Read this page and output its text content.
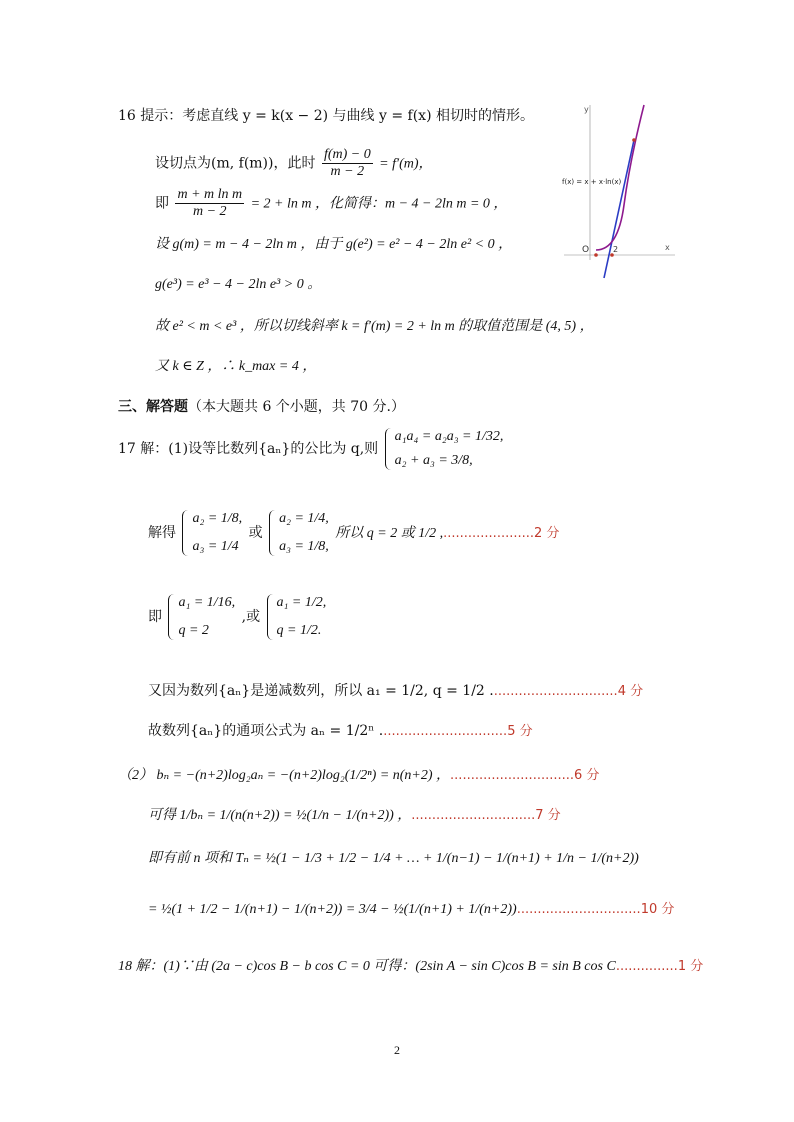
16 提示：考虑直线 y = k(x − 2) 与曲线 y = f(x) 相切时的情形。
设切点为(m, f(m))，此时 $\frac{f(m) - 0}{m - 2} = f'(m)$，
即 $\frac{\text{m + m ln m}}{m - 2} = 2 + \ln m$ ，化简得：m − 4 − 2ln m = 0 ，
设 g(m) = m − 4 − 2ln m ，由于 g(e²) = e² − 4 − 2ln e² < 0 ，
g(e³) = e³ − 4 − 2ln e³ > 0 。
故 e² < m < e³ ，所以切线斜率 k = f′(m) = 2 + ln m 的取值范围是 (4, 5) ，
又 k ∈ Z ，∴ k_max = 4 ，
y
x
O	2
f(x) = x + x·ln(x)
三、解答题（本大题共 6 个小题，共 70 分.）
17 解：(1)设等比数列{aₙ}的公比为 q,则
a₁a₄ = a₂a₃ = 1/32,
a₂ + a₃ = 3/8,
解得
a₂ = 1/8,
a₃ = 1/4
或
a₂ = 1/4,
a₃ = 1/8,
所以 q = 2 或 1/2 ,......................2 分
即
a₁ = 1/16,
q = 2
,或
a₁ = 1/2,
q = 1/2.
又因为数列{aₙ}是递减数列，所以 a₁ = 1/2, q = 1/2 ...............................4 分
故数列{aₙ}的通项公式为 aₙ = 1/2ⁿ ...............................5 分
（2） bₙ = −(n+2)log₂aₙ = −(n+2)log₂(1/2ⁿ) = n(n+2) ，..............................6 分
可得 1/bₙ = 1/(n(n+2)) = ½(1/n − 1/(n+2)) ，..............................7 分
即有前 n 项和 Tₙ = ½(1 − 1/3 + 1/2 − 1/4 + … + 1/(n−1) − 1/(n+1) + 1/n − 1/(n+2))
= ½(1 + 1/2 − 1/(n+1) − 1/(n+2)) = 3/4 − ½(1/(n+1) + 1/(n+2))..............................10 分
18 解：(1)∵由 (2a − c)cos B − b cos C = 0 可得：(2sin A − sin C)cos B = sin B cos C...............1 分
2
